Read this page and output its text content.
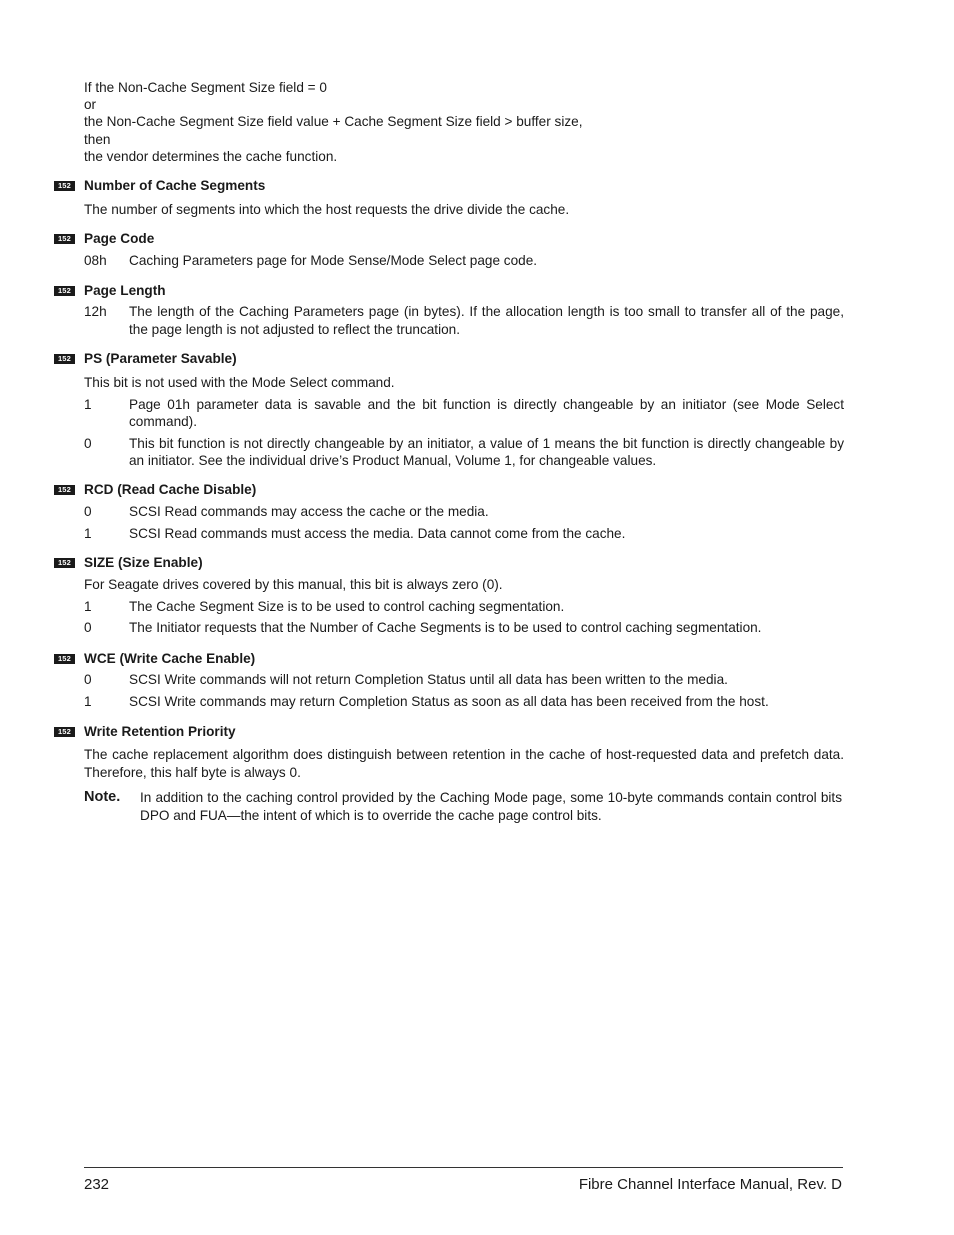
If the Non-Cache Segment Size field = 0
or
the Non-Cache Segment Size field value + Cache Segment Size field > buffer size,
then
the vendor determines the cache function.
152 Number of Cache Segments
The number of segments into which the host requests the drive divide the cache.
152 Page Code
08h Caching Parameters page for Mode Sense/Mode Select page code.
152 Page Length
12h The length of the Caching Parameters page (in bytes). If the allocation length is too small to transfer all of the page, the page length is not adjusted to reflect the truncation.
152 PS (Parameter Savable)
This bit is not used with the Mode Select command.
1	Page 01h parameter data is savable and the bit function is directly changeable by an initiator (see Mode Select command).
0	This bit function is not directly changeable by an initiator, a value of 1 means the bit function is directly changeable by an initiator. See the individual drive’s Product Manual, Volume 1, for changeable values.
152 RCD (Read Cache Disable)
0	SCSI Read commands may access the cache or the media.
1	SCSI Read commands must access the media. Data cannot come from the cache.
152 SIZE (Size Enable)
For Seagate drives covered by this manual, this bit is always zero (0).
1	The Cache Segment Size is to be used to control caching segmentation.
0	The Initiator requests that the Number of Cache Segments is to be used to control caching segmentation.
152 WCE (Write Cache Enable)
0	SCSI Write commands will not return Completion Status until all data has been written to the media.
1	SCSI Write commands may return Completion Status as soon as all data has been received from the host.
152 Write Retention Priority
The cache replacement algorithm does distinguish between retention in the cache of host-requested data and prefetch data. Therefore, this half byte is always 0.
Note. In addition to the caching control provided by the Caching Mode page, some 10-byte commands contain control bits DPO and FUA—the intent of which is to override the cache page control bits.
232	Fibre Channel Interface Manual, Rev. D
